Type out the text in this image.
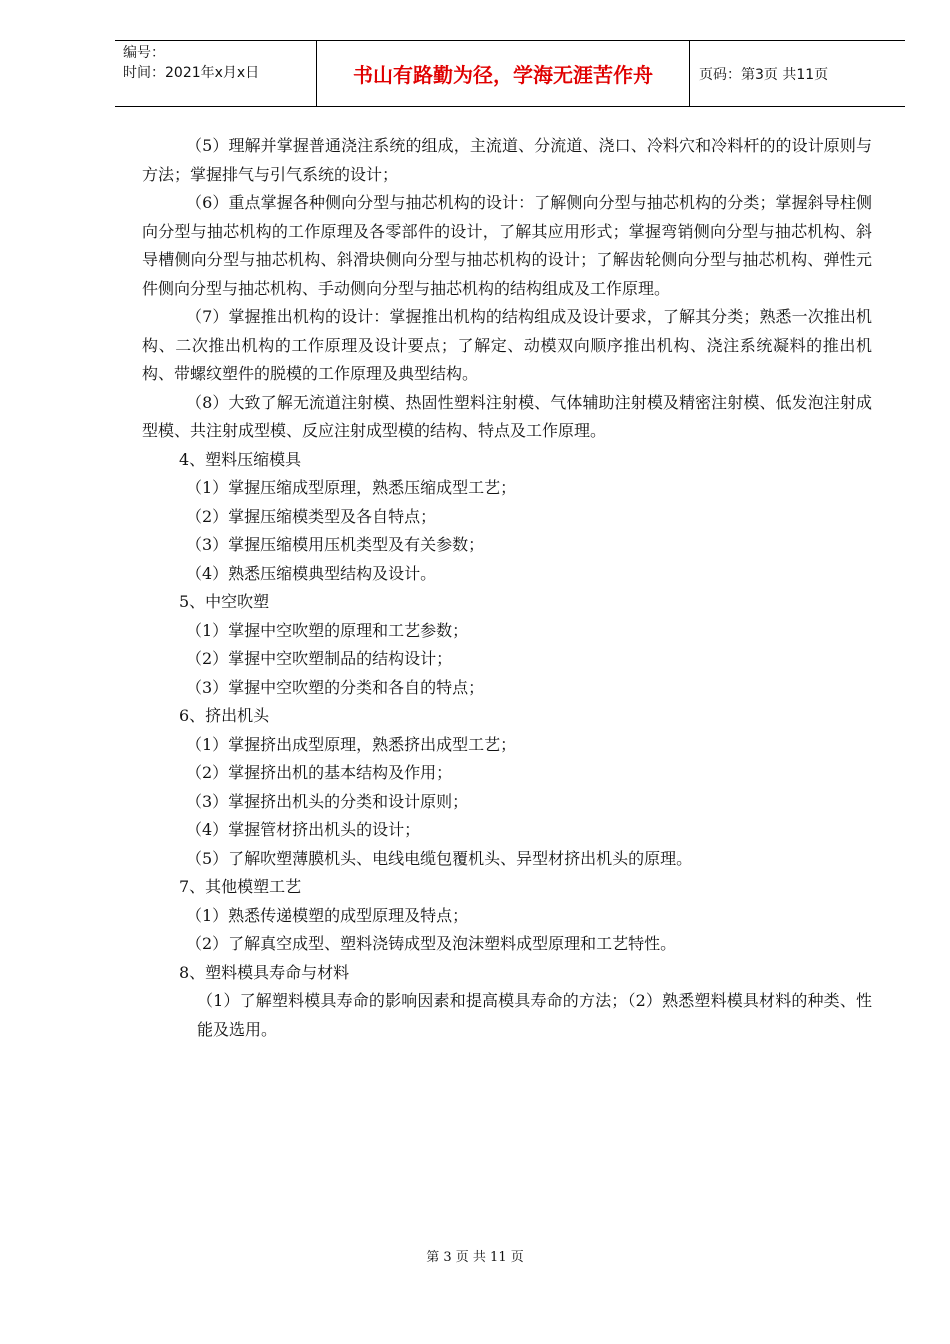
编号：
时间：2021年x月x日	书山有路勤为径，学海无涯苦作舟	页码：第3页 共11页

（5）理解并掌握普通浇注系统的组成，主流道、分流道、浇口、冷料穴和冷料杆的的设计原则与方法；掌握排气与引气系统的设计；

（6）重点掌握各种侧向分型与抽芯机构的设计：了解侧向分型与抽芯机构的分类；掌握斜导柱侧向分型与抽芯机构的工作原理及各零部件的设计，了解其应用形式；掌握弯销侧向分型与抽芯机构、斜导槽侧向分型与抽芯机构、斜滑块侧向分型与抽芯机构的设计；了解齿轮侧向分型与抽芯机构、弹性元件侧向分型与抽芯机构、手动侧向分型与抽芯机构的结构组成及工作原理。

（7）掌握推出机构的设计：掌握推出机构的结构组成及设计要求，了解其分类；熟悉一次推出机构、二次推出机构的工作原理及设计要点；了解定、动模双向顺序推出机构、浇注系统凝料的推出机构、带螺纹塑件的脱模的工作原理及典型结构。

（8）大致了解无流道注射模、热固性塑料注射模、气体辅助注射模及精密注射模、低发泡注射成型模、共注射成型模、反应注射成型模的结构、特点及工作原理。

4、塑料压缩模具

（1）掌握压缩成型原理，熟悉压缩成型工艺；

（2）掌握压缩模类型及各自特点；

（3）掌握压缩模用压机类型及有关参数；

（4）熟悉压缩模典型结构及设计。

5、中空吹塑

（1）掌握中空吹塑的原理和工艺参数；

（2）掌握中空吹塑制品的结构设计；

（3）掌握中空吹塑的分类和各自的特点；

6、挤出机头

（1）掌握挤出成型原理，熟悉挤出成型工艺；

（2）掌握挤出机的基本结构及作用；

（3）掌握挤出机头的分类和设计原则；

（4）掌握管材挤出机头的设计；

（5）了解吹塑薄膜机头、电线电缆包覆机头、异型材挤出机头的原理。

7、其他模塑工艺

（1）熟悉传递模塑的成型原理及特点；

（2）了解真空成型、塑料浇铸成型及泡沫塑料成型原理和工艺特性。

8、塑料模具寿命与材料

（1）了解塑料模具寿命的影响因素和提高模具寿命的方法；（2）熟悉塑料模具材料的种类、性能及选用。

第 3 页 共 11 页
